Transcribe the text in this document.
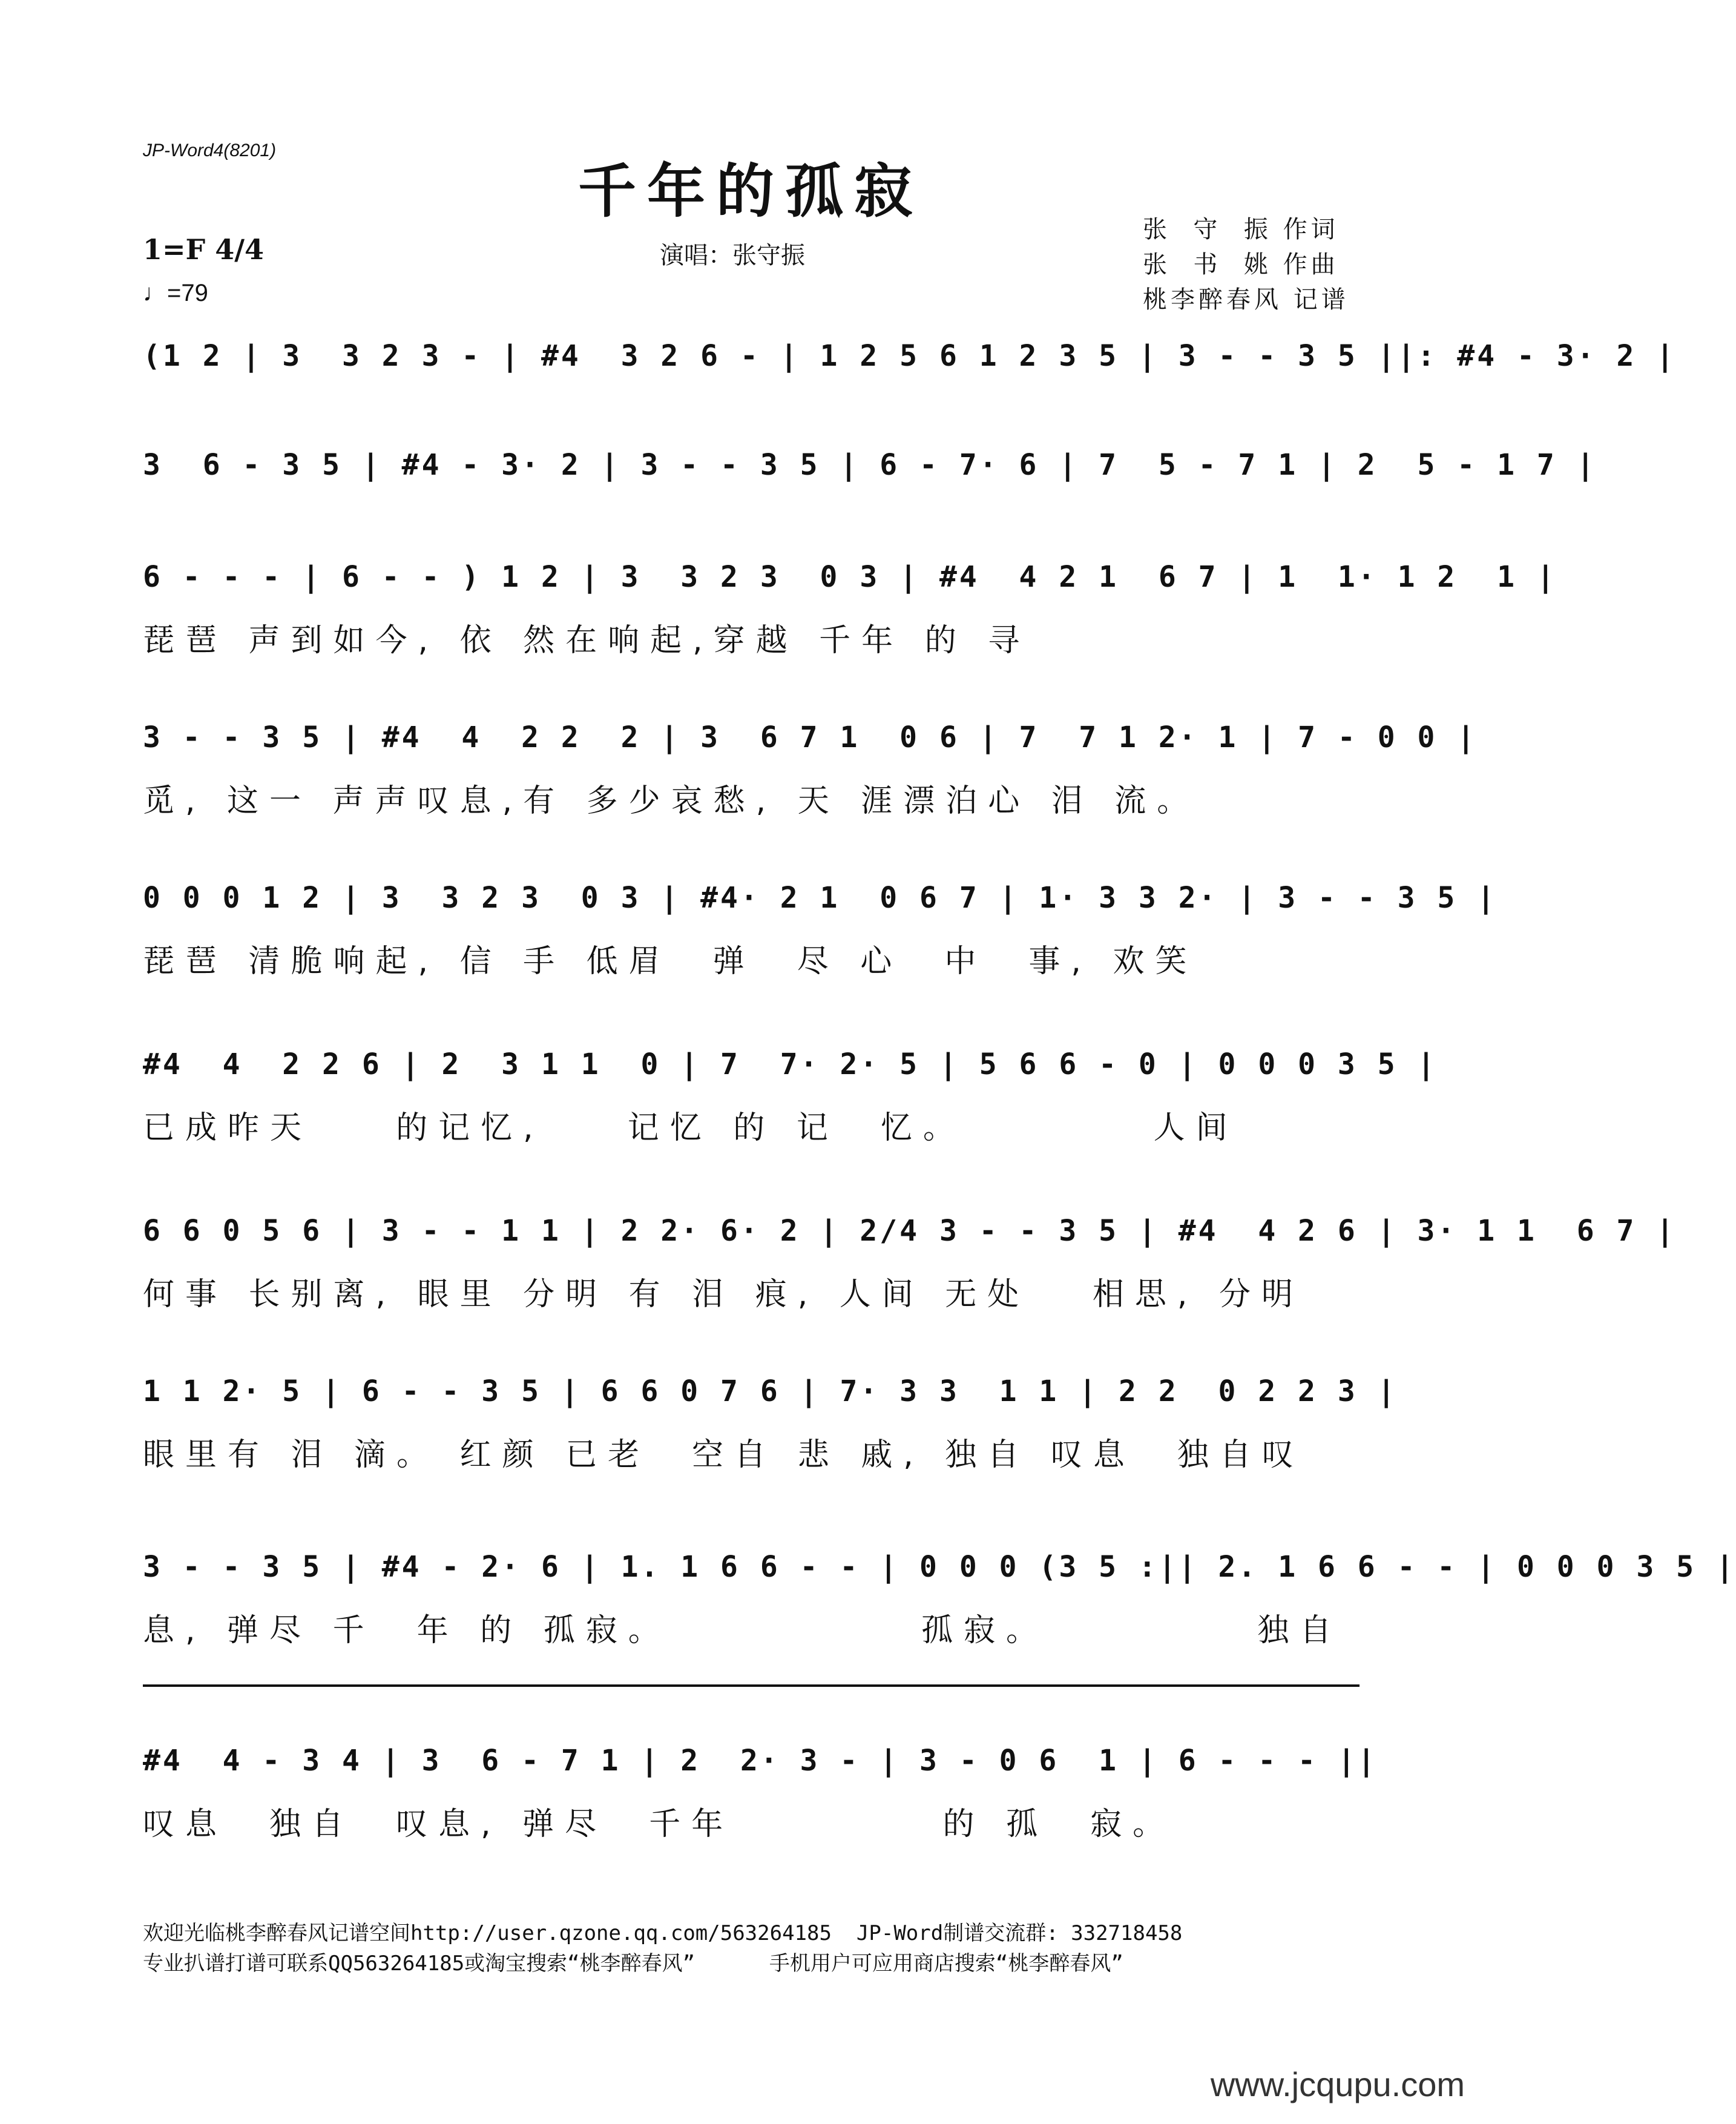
JP-Word4(8201)
千年的孤寂
1=F 4/4
♩=79
演唱：张守振
张  守  振 作词
张  书  姚 作曲
桃李醉春风 记谱
(1 2 | 3  3 2 3 - | #4  3 2 6 - | 1 2 5 6 1 2 3 5 | 3 - - 3 5 ||: #4 - 3· 2 |
3  6 - 3 5 | #4 - 3· 2 | 3 - - 3 5 | 6 - 7· 6 | 7  5 - 7 1 | 2  5 - 1 7 |
6 - - - | 6 - - ) 1 2 | 3  3 2 3  0 3 | #4  4 2 1  6 7 | 1  1· 1 2  1 |
琵琶 声到如今, 依 然在响起,穿越 千年 的 寻
3 - - 3 5 | #4  4  2 2  2 | 3  6 7 1  0 6 | 7  7 1 2· 1 | 7 - 0 0 |
觅, 这一 声声叹息,有 多少哀愁, 天 涯漂泊心 泪 流。
0 0 0 1 2 | 3  3 2 3  0 3 | #4· 2 1  0 6 7 | 1· 3 3 2· | 3 - - 3 5 |
琵琶 清脆响起, 信 手 低眉  弹  尽 心  中  事, 欢笑
#4  4  2 2 6 | 2  3 1 1  0 | 7  7· 2· 5 | 5 6 6 - 0 | 0 0 0 3 5 |
已成昨天    的记忆,    记忆 的 记  忆。         人间
6 6 0 5 6 | 3 - - 1 1 | 2 2· 6· 2 | 2/4 3 - - 3 5 | #4  4 2 6 | 3· 1 1  6 7 |
何事 长别离, 眼里 分明 有 泪 痕, 人间 无处   相思, 分明
1 1 2· 5 | 6 - - 3 5 | 6 6 0 7 6 | 7· 3 3  1 1 | 2 2  0 2 2 3 |
眼里有 泪 滴。 红颜 已老  空自 悲 戚, 独自 叹息  独自叹
3 - - 3 5 | #4 - 2· 6 | 1. 1 6 6 - - | 0 0 0 (3 5 :|| 2. 1 6 6 - - | 0 0 0 3 5 |
息, 弹尽 千  年 的 孤寂。            孤寂。          独自
#4  4 - 3 4 | 3  6 - 7 1 | 2  2· 3 - | 3 - 0 6  1 | 6 - - - ||
叹息  独自  叹息, 弹尽  千年          的 孤  寂。
欢迎光临桃李醉春风记谱空间http://user.qzone.qq.com/563264185  JP-Word制谱交流群: 332718458
专业扒谱打谱可联系QQ563264185或淘宝搜索“桃李醉春风”      手机用户可应用商店搜索“桃李醉春风”
www.jcqupu.com
